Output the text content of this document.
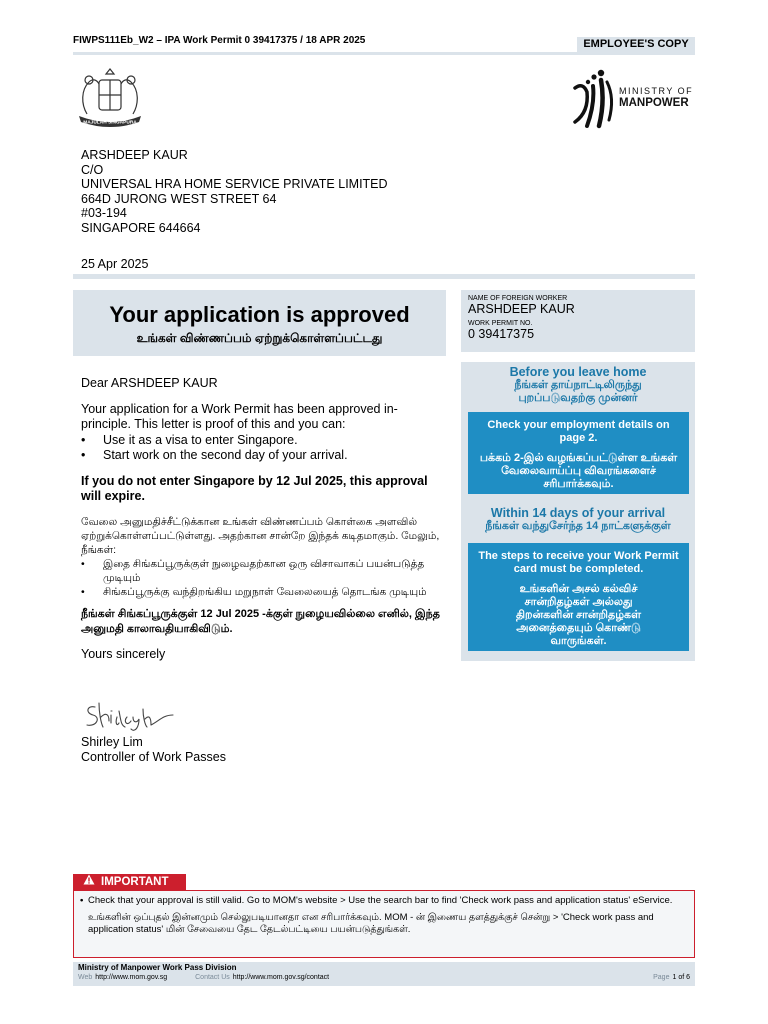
FIWPS111Eb_W2 – IPA Work Permit 0 39417375 / 18 APR 2025	EMPLOYEE'S COPY
MAJULAH SINGAPURA
MINISTRY OF
MANPOWER
ARSHDEEP KAUR
C/O
UNIVERSAL HRA HOME SERVICE PRIVATE LIMITED
664D JURONG WEST STREET 64
#03-194
SINGAPORE 644664
25 Apr 2025
Your application is approved
உங்கள் விண்ணப்பம் ஏற்றுக்கொள்ளப்பட்டது
NAME OF FOREIGN WORKER
ARSHDEEP KAUR
WORK PERMIT NO.
0 39417375
Before you leave home
நீங்கள் தாய்நாட்டிலிருந்து
புறப்படுவதற்கு முன்னர்
Check your employment details on page 2.
பக்கம் 2-இல் வழங்கப்பட்டுள்ள உங்கள் வேலைவாய்ப்பு விவரங்களைச் சரிபார்க்கவும்.
Within 14 days of your arrival
நீங்கள் வந்துசேர்ந்த 14 நாட்களுக்குள்
The steps to receive your Work Permit card must be completed.
உங்களின் அசல் கல்விச் சான்றிதழ்கள் அல்லது திறன்களின் சான்றிதழ்கள் அனைத்தையும் கொண்டு வாருங்கள்.

Dear ARSHDEEP KAUR

Your application for a Work Permit has been approved in-principle. This letter is proof of this and you can:
•	Use it as a visa to enter Singapore.
•	Start work on the second day of your arrival.

If you do not enter Singapore by 12 Jul 2025, this approval will expire.

வேலை அனுமதிச்சீட்டுக்கான உங்கள் விண்ணப்பம் கொள்கை அளவில் ஏற்றுக்கொள்ளப்பட்டுள்ளது. அதற்கான சான்றே இந்தக் கடிதமாகும். மேலும், நீங்கள்:
•	இதை சிங்கப்பூருக்குள் நுழைவதற்கான ஒரு விசாவாகப் பயன்படுத்த முடியும்
•	சிங்கப்பூருக்கு வந்திறங்கிய மறுநாள் வேலையைத் தொடங்க முடியும்

நீங்கள் சிங்கப்பூருக்குள் 12 Jul 2025 -க்குள் நுழையவில்லை எனில், இந்த அனுமதி காலாவதியாகிவிடும்.

Yours sincerely

Shirley Lim
Controller of Work Passes
IMPORTANT
• Check that your approval is still valid. Go to MOM's website > Use the search bar to find 'Check work pass and application status' eService.
உங்களின் ஒப்புதல் இன்னமும் செல்லுபடியானதா என சரிபார்க்கவும். MOM - ன் இணைய தளத்துக்குச் சென்று > 'Check work pass and application status' மின் சேவையை தேட தேடல்பட்டியை பயன்படுத்துங்கள்.
Ministry of Manpower Work Pass Division
Web http://www.mom.gov.sg	Contact Us http://www.mom.gov.sg/contact	Page 1 of 6
